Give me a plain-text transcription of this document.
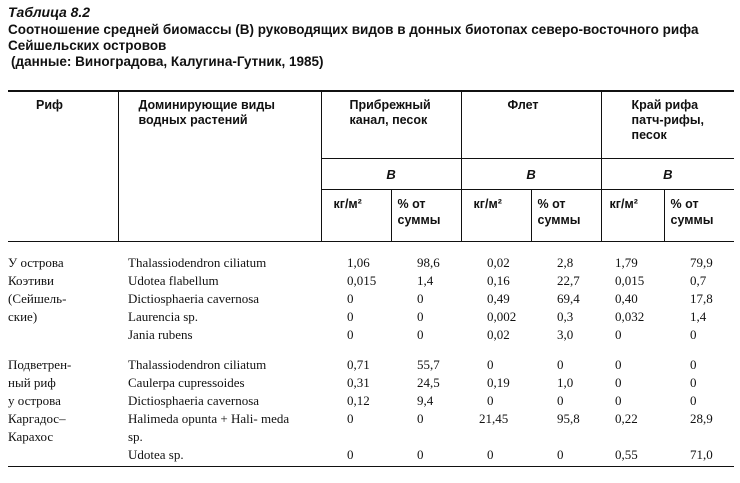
Таблица 8.2
Соотношение средней биомассы (B) руководящих видов в донных биотопах северо-восточного рифа Сейшельских островов
(данные: Виноградова, Калугина-Гутник, 1985)
Риф	Доминирующие виды водных растений	Прибрежный канал, песок		Флет		Край рифа патч-рифы, песок	
		B		B		B	
		кг/м²	% от суммы	кг/м²	% от суммы	кг/м²	% от суммы

У острова
Коэтиви
(Сейшель-
ские)	Thalassiodendron ciliatum	1,06	98,6	0,02	2,8	1,79	79,9
	Udotea flabellum	0,015	1,4	0,16	22,7	0,015	0,7
	Dictiosphaeria cavernosa	0	0	0,49	69,4	0,40	17,8
	Laurencia sp.	0	0	0,002	0,3	0,032	1,4
	Jania rubens	0	0	0,02	3,0	0	0

Подветрен-
ный риф
у острова
Каргадос–
Карахос	Thalassiodendron ciliatum	0,71	55,7	0	0	0	0
	Caulerpa cupressoides	0,31	24,5	0,19	1,0	0	0
	Dictiosphaeria cavernosa	0,12	9,4	0	0	0	0
	Halimeda opunta + Hali- meda sp.	0	0	21,45	95,8	0,22	28,9
	Udotea sp.	0	0	0	0	0,55	71,0
